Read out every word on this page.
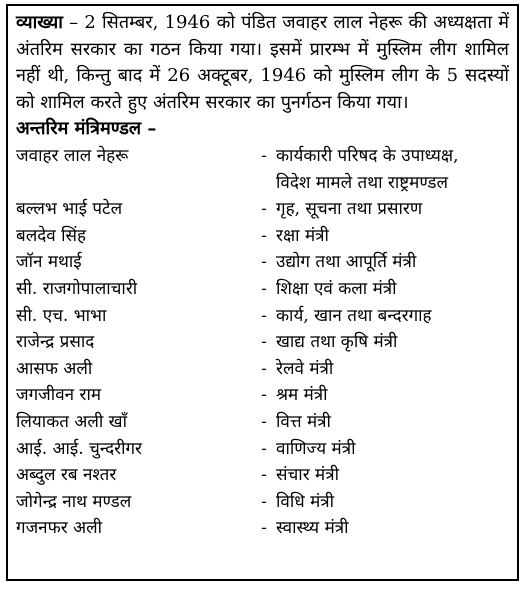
व्याख्या – 2 सितम्बर, 1946 को पंडित जवाहर लाल नेहरू की अध्यक्षता में अंतरिम सरकार का गठन किया गया। इसमें प्रारम्भ में मुस्लिम लीग शामिल नहीं थी, किन्तु बाद में 26 अक्टूबर, 1946 को मुस्लिम लीग के 5 सदस्यों को शामिल करते हुए अंतरिम सरकार का पुनर्गठन किया गया।

अन्तरिम मंत्रिमण्डल –

जवाहर लाल नेहरू	- कार्यकारी परिषद के उपाध्यक्ष,
विदेश मामले तथा राष्ट्रमण्डल
बल्लभ भाई पटेल	- गृह, सूचना तथा प्रसारण
बलदेव सिंह	- रक्षा मंत्री
जॉन मथाई	- उद्योग तथा आपूर्ति मंत्री
सी. राजगोपालाचारी	- शिक्षा एवं कला मंत्री
सी. एच. भाभा	- कार्य, खान तथा बन्दरगाह
राजेन्द्र प्रसाद	- खाद्य तथा कृषि मंत्री
आसफ अली	- रेलवे मंत्री
जगजीवन राम	- श्रम मंत्री
लियाकत अली खाँ	- वित्त मंत्री
आई. आई. चुन्दरीगर	- वाणिज्य मंत्री
अब्दुल रब नश्तर	- संचार मंत्री
जोगेन्द्र नाथ मण्डल	- विधि मंत्री
गजनफर अली	- स्वास्थ्य मंत्री
